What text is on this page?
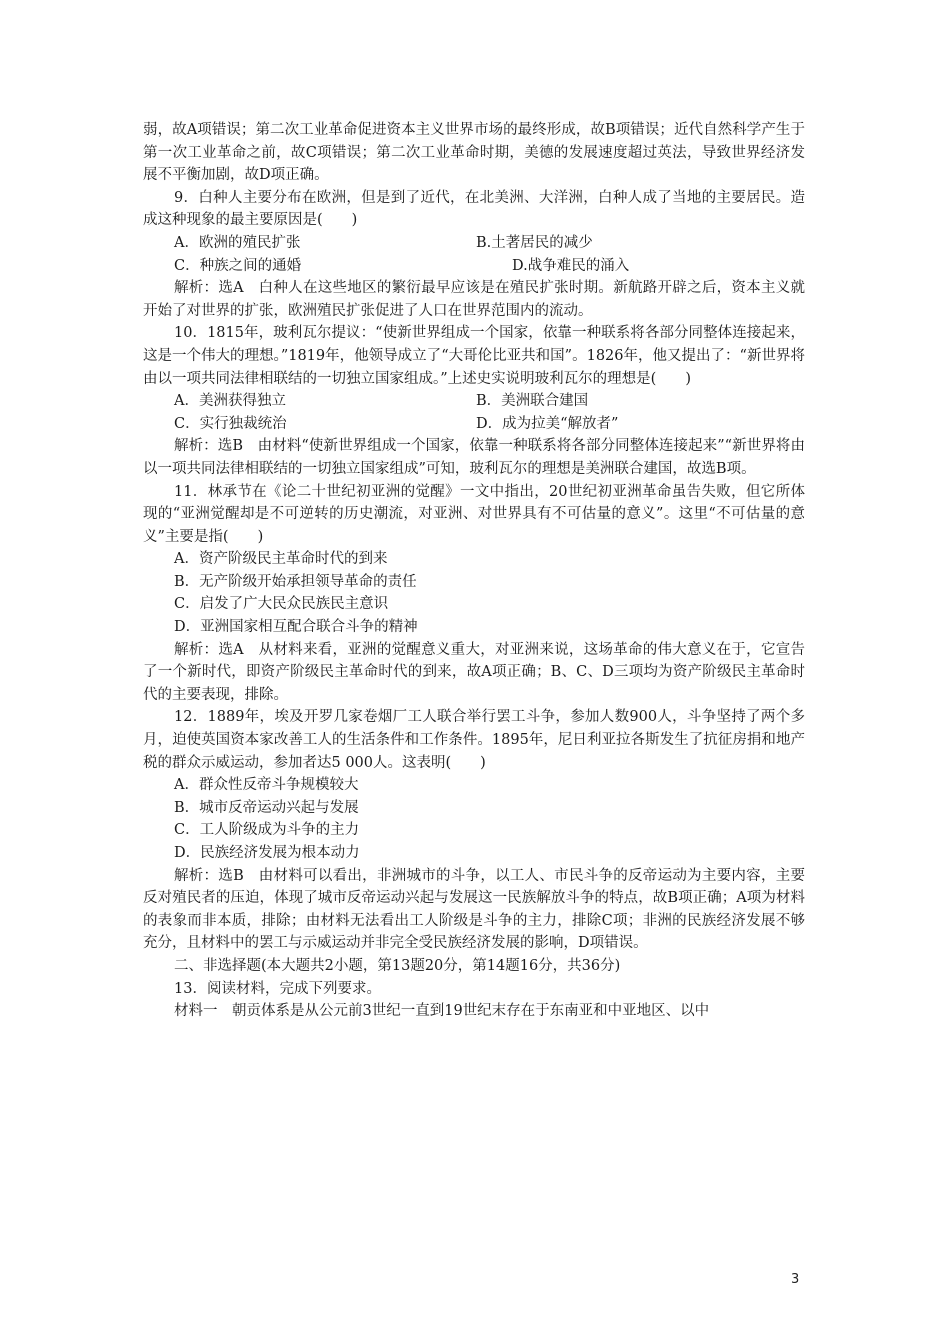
弱，故A项错误；第二次工业革命促进资本主义世界市场的最终形成，故B项错误；近代自然科学产生于第一次工业革命之前，故C项错误；第二次工业革命时期，美德的发展速度超过英法，导致世界经济发展不平衡加剧，故D项正确。

9．白种人主要分布在欧洲，但是到了近代，在北美洲、大洋洲，白种人成了当地的主要居民。造成这种现象的最主要原因是(　　)

A．欧洲的殖民扩张	B.土著居民的减少
C．种族之间的通婚	D.战争难民的涌入

解析：选A　白种人在这些地区的繁衍最早应该是在殖民扩张时期。新航路开辟之后，资本主义就开始了对世界的扩张，欧洲殖民扩张促进了人口在世界范围内的流动。

10．1815年，玻利瓦尔提议：“使新世界组成一个国家，依靠一种联系将各部分同整体连接起来，这是一个伟大的理想。”1819年，他领导成立了“大哥伦比亚共和国”。1826年，他又提出了：“新世界将由以一项共同法律相联结的一切独立国家组成。”上述史实说明玻利瓦尔的理想是(　　)

A．美洲获得独立	B．美洲联合建国
C．实行独裁统治	D．成为拉美“解放者”

解析：选B　由材料“使新世界组成一个国家，依靠一种联系将各部分同整体连接起来”“新世界将由以一项共同法律相联结的一切独立国家组成”可知，玻利瓦尔的理想是美洲联合建国，故选B项。

11．林承节在《论二十世纪初亚洲的觉醒》一文中指出，20世纪初亚洲革命虽告失败，但它所体现的“亚洲觉醒却是不可逆转的历史潮流，对亚洲、对世界具有不可估量的意义”。这里“不可估量的意义”主要是指(　　)

A．资产阶级民主革命时代的到来

B．无产阶级开始承担领导革命的责任

C．启发了广大民众民族民主意识

D．亚洲国家相互配合联合斗争的精神

解析：选A　从材料来看，亚洲的觉醒意义重大，对亚洲来说，这场革命的伟大意义在于，它宣告了一个新时代，即资产阶级民主革命时代的到来，故A项正确；B、C、D三项均为资产阶级民主革命时代的主要表现，排除。

12．1889年，埃及开罗几家卷烟厂工人联合举行罢工斗争，参加人数900人，斗争坚持了两个多月，迫使英国资本家改善工人的生活条件和工作条件。1895年，尼日利亚拉各斯发生了抗征房捐和地产税的群众示威运动，参加者达5 000人。这表明(　　)

A．群众性反帝斗争规模较大

B．城市反帝运动兴起与发展

C．工人阶级成为斗争的主力

D．民族经济发展为根本动力

解析：选B　由材料可以看出，非洲城市的斗争，以工人、市民斗争的反帝运动为主要内容，主要反对殖民者的压迫，体现了城市反帝运动兴起与发展这一民族解放斗争的特点，故B项正确；A项为材料的表象而非本质，排除；由材料无法看出工人阶级是斗争的主力，排除C项；非洲的民族经济发展不够充分，且材料中的罢工与示威运动并非完全受民族经济发展的影响，D项错误。

二、非选择题(本大题共2小题，第13题20分，第14题16分，共36分)

13．阅读材料，完成下列要求。

材料一　朝贡体系是从公元前3世纪一直到19世纪末存在于东南亚和中亚地区、以中

3
